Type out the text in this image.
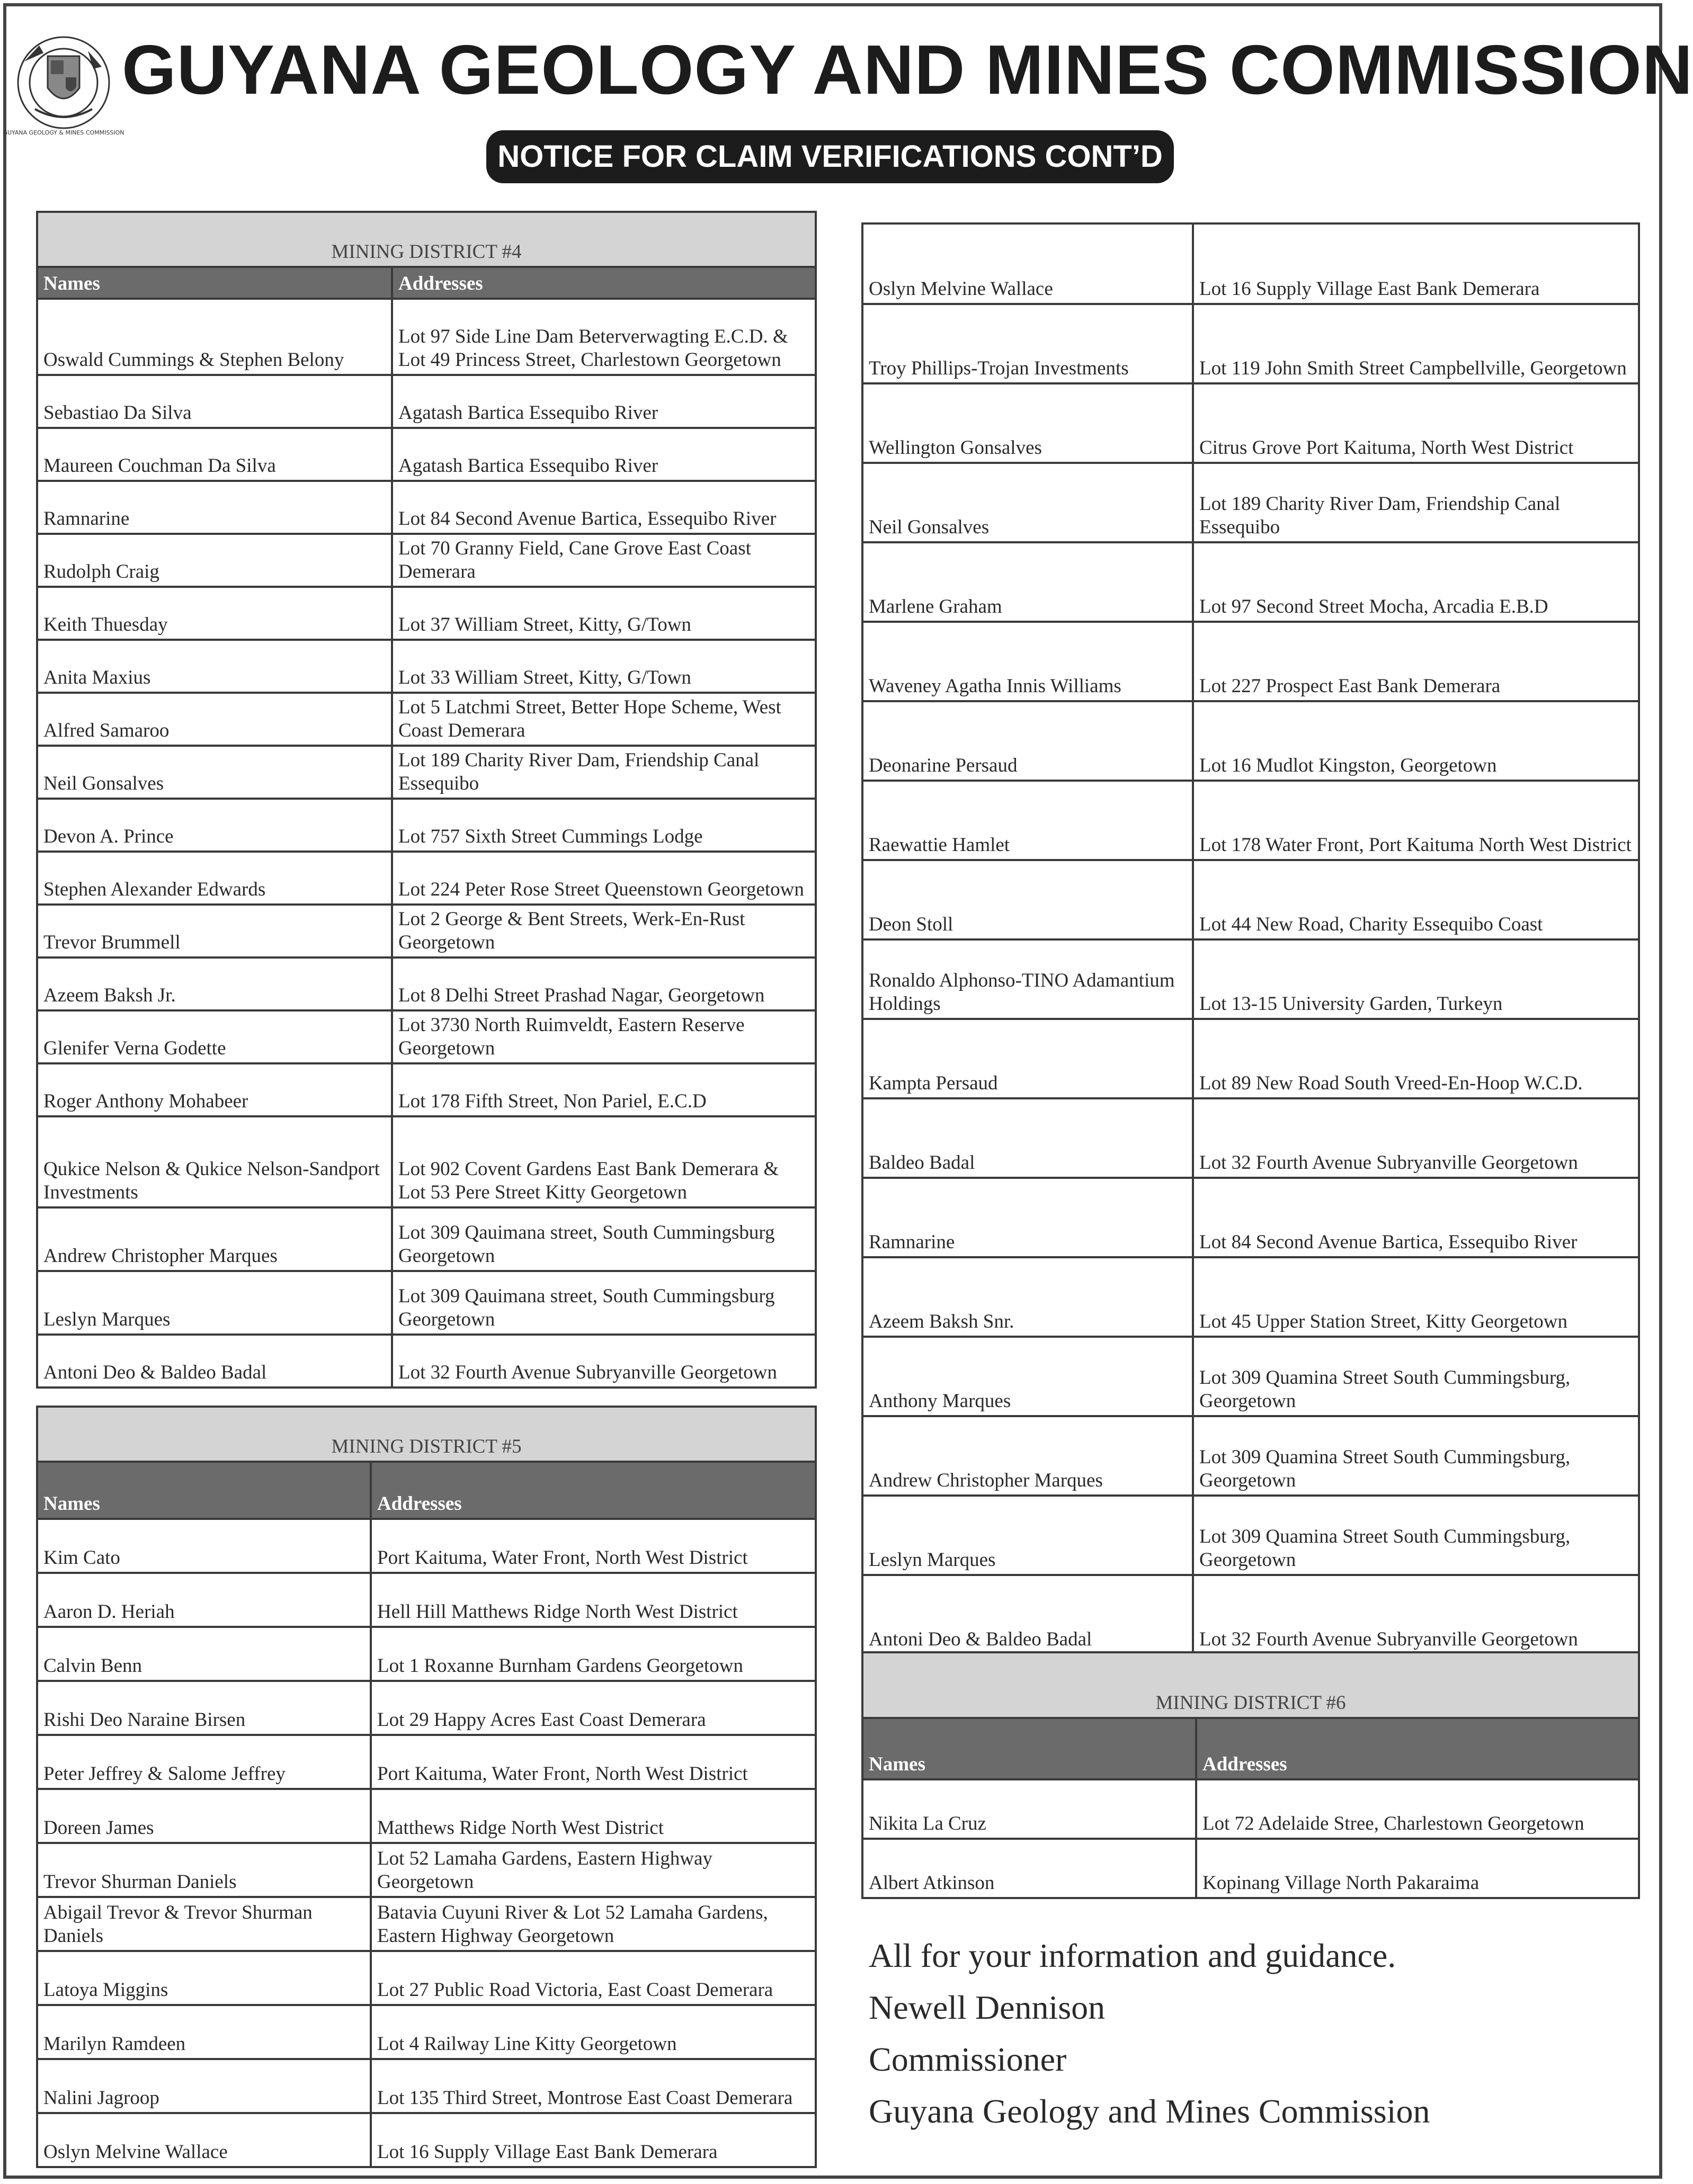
GUYANA GEOLOGY & MINES COMMISSION
GUYANA GEOLOGY AND MINES COMMISSION
NOTICE FOR CLAIM VERIFICATIONS CONT’D
MINING DISTRICT #4	
Names	Addresses
Oswald Cummings & Stephen Belony	Lot 97 Side Line Dam Beterverwagting E.C.D. & Lot 49 Princess Street, Charlestown Georgetown
Sebastiao Da Silva	Agatash Bartica Essequibo River
Maureen Couchman Da Silva	Agatash Bartica Essequibo River
Ramnarine	Lot 84 Second Avenue Bartica, Essequibo River
Rudolph Craig	Lot 70 Granny Field, Cane Grove East Coast Demerara
Keith Thuesday	Lot 37 William Street, Kitty, G/Town
Anita Maxius	Lot 33 William Street, Kitty, G/Town
Alfred Samaroo	Lot 5 Latchmi Street, Better Hope Scheme, West Coast Demerara
Neil Gonsalves	Lot 189 Charity River Dam, Friendship Canal Essequibo
Devon A. Prince	Lot 757 Sixth Street Cummings Lodge
Stephen Alexander Edwards	Lot 224 Peter Rose Street Queenstown Georgetown
Trevor Brummell	Lot 2 George & Bent Streets, Werk-En-Rust Georgetown
Azeem Baksh Jr.	Lot 8 Delhi Street Prashad Nagar, Georgetown
Glenifer Verna Godette	Lot 3730 North Ruimveldt, Eastern Reserve Georgetown
Roger Anthony Mohabeer	Lot 178 Fifth Street, Non Pariel, E.C.D
Qukice Nelson & Qukice Nelson-Sandport Investments	Lot 902 Covent Gardens East Bank Demerara & Lot 53 Pere Street Kitty Georgetown
Andrew Christopher Marques	Lot 309 Qauimana street, South Cummingsburg Georgetown
Leslyn Marques	Lot 309 Qauimana street, South Cummingsburg Georgetown
Antoni Deo & Baldeo Badal	Lot 32 Fourth Avenue Subryanville Georgetown
MINING DISTRICT #5	
Names	Addresses
Kim Cato	Port Kaituma, Water Front, North West District
Aaron D. Heriah	Hell Hill Matthews Ridge North West District
Calvin Benn	Lot 1 Roxanne Burnham Gardens Georgetown
Rishi Deo Naraine Birsen	Lot 29 Happy Acres East Coast Demerara
Peter Jeffrey & Salome Jeffrey	Port Kaituma, Water Front, North West District
Doreen James	Matthews Ridge North West District
Trevor Shurman Daniels	Lot 52 Lamaha Gardens, Eastern Highway Georgetown
Abigail Trevor & Trevor Shurman Daniels	Batavia Cuyuni River & Lot 52 Lamaha Gardens, Eastern Highway Georgetown
Latoya Miggins	Lot 27 Public Road Victoria, East Coast Demerara
Marilyn Ramdeen	Lot 4 Railway Line Kitty Georgetown
Nalini Jagroop	Lot 135 Third Street, Montrose East Coast Demerara
Oslyn Melvine Wallace	Lot 16 Supply Village East Bank Demerara
Oslyn Melvine Wallace	Lot 16 Supply Village East Bank Demerara
Troy Phillips-Trojan Investments	Lot 119 John Smith Street Campbellville, Georgetown
Wellington Gonsalves	Citrus Grove Port Kaituma, North West District
Neil Gonsalves	Lot 189 Charity River Dam, Friendship Canal Essequibo
Marlene Graham	Lot 97 Second Street Mocha, Arcadia E.B.D
Waveney Agatha Innis Williams	Lot 227 Prospect East Bank Demerara
Deonarine Persaud	Lot 16 Mudlot Kingston, Georgetown
Raewattie Hamlet	Lot 178 Water Front, Port Kaituma North West District
Deon Stoll	Lot 44 New Road, Charity Essequibo Coast
Ronaldo Alphonso-TINO Adamantium Holdings	Lot 13-15 University Garden, Turkeyn
Kampta Persaud	Lot 89 New Road South Vreed-En-Hoop W.C.D.
Baldeo Badal	Lot 32 Fourth Avenue Subryanville Georgetown
Ramnarine	Lot 84 Second Avenue Bartica, Essequibo River
Azeem Baksh Snr.	Lot 45 Upper Station Street, Kitty Georgetown
Anthony Marques	Lot 309 Quamina Street South Cummingsburg, Georgetown
Andrew Christopher Marques	Lot 309 Quamina Street South Cummingsburg, Georgetown
Leslyn Marques	Lot 309 Quamina Street South Cummingsburg, Georgetown
Antoni Deo & Baldeo Badal	Lot 32 Fourth Avenue Subryanville Georgetown
MINING DISTRICT #6	
Names	Addresses
Nikita La Cruz	Lot 72 Adelaide Stree, Charlestown Georgetown
Albert Atkinson	Kopinang Village North Pakaraima
All for your information and guidance.
Newell Dennison
Commissioner
Guyana Geology and Mines Commission
